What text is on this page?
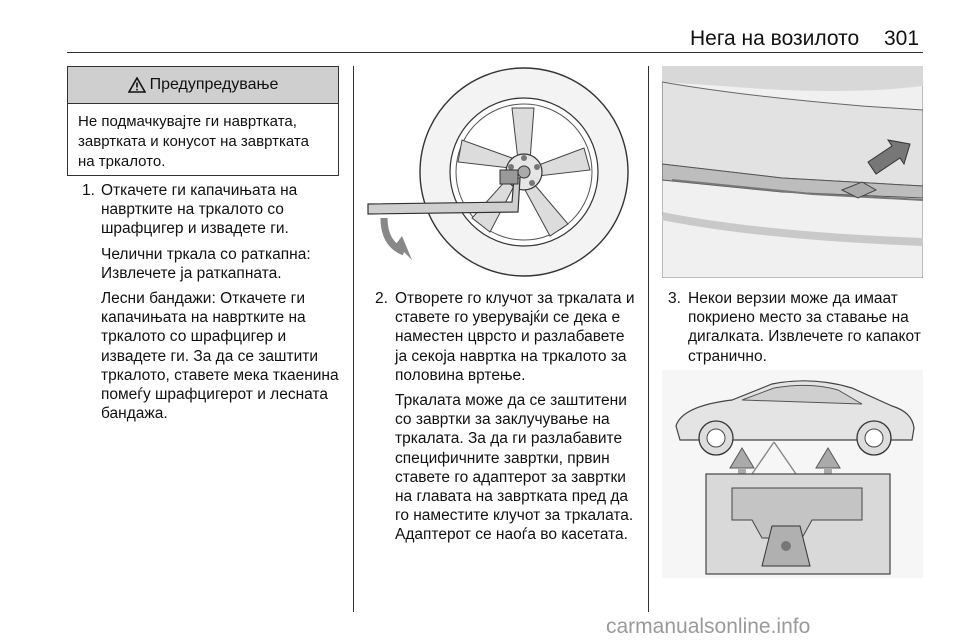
Нега на возилото 301
Предупредување
Не подмачкувајте ги навртката, завртката и конусот на завртката на тркалото.
1. Откачете ги капачињата на навртките на тркалото со шрафцигер и извадете ги.

Челични тркала со раткапна: Извлечете ја раткапната.

Лесни бандажи: Откачете ги капачињата на навртките на тркалото со шрафцигер и извадете ги. За да се заштити тркалото, ставете мека ткаенина помеѓу шрафцигерот и лесната бандажа.

2. Отворете го клучот за тркалата и ставете го уверувајќи се дека е наместен цврсто и разлабавете ја секоја навртка на тркалото за половина вртење.

Тркалата може да се заштитени со завртки за заклучување на тркалата. За да ги разлабавите специфичните завртки, првин ставете го адаптерот за завртки на главата на завртката пред да го наместите клучот за тркалата. Адаптерот се наоѓа во касетата.

3. Некои верзии може да имаат покриено место за ставање на дигалката. Извлечете го капакот странично.

carmanualsonline.info
